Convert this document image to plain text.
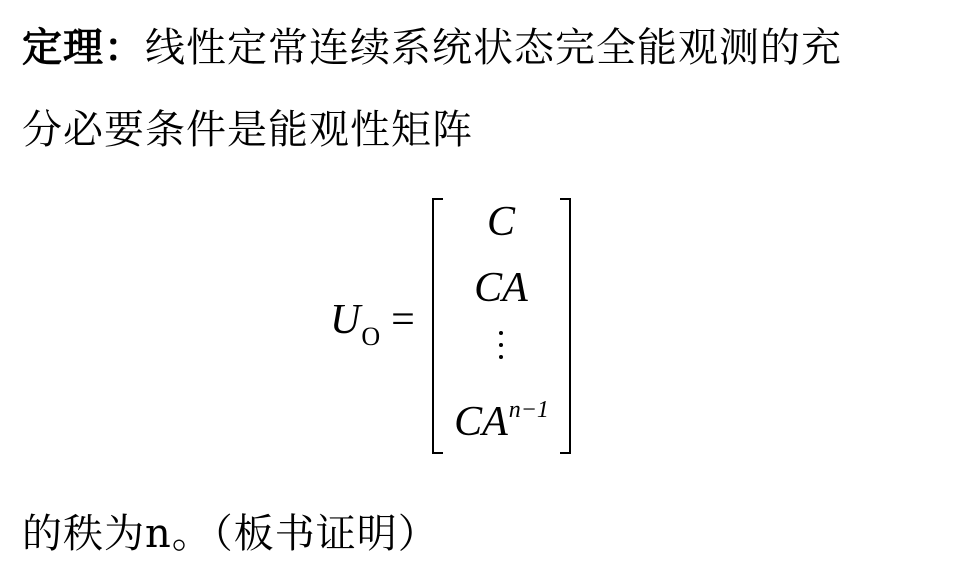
定理：线性定常连续系统状态完全能观测的充
分必要条件是能观性矩阵
$U_O$ =
C
CA
$CA^{n-1}$
的秩为n。（板书证明）
